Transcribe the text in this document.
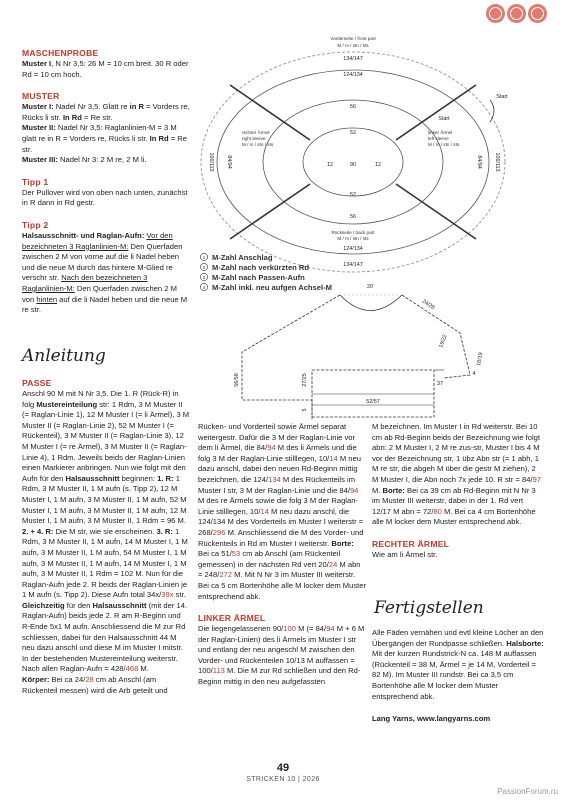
MASCHENPROBE

Muster I, N Nr 3,5: 26 M = 10 cm breit. 30 R oder Rd = 10 cm hoch.

MUSTER

Muster I: Nadel Nr 3,5. Glatt re in R = Vorders re, Rücks li str. In Rd = Re str.

Muster II: Nadel Nr 3,5: Raglanlinien-M = 3 M glatt re in R = Vorders re, Rücks li str. In Rd = Re str.

Muster III: Nadel Nr 3: 2 M re, 2 M li.

Tipp 1

Der Pullover wird von oben nach unten, zunächst in R dann in Rd gestr.

Tipp 2

Halsausschnitt- und Raglan-Aufn: Vor den bezeichneten 3 Raglanlinien-M: Den Querfaden zwischen 2 M von vorne auf die li Nadel heben und die neue M durch das hintere M-Glied re verschr str. Nach den bezeichneten 3 Raglanlinien-M: Den Querfaden zwischen 2 M von hinten auf die li Nadel heben und die neue M re str.

Anleitung

PASSE

Anschl 90 M mit N Nr 3,5. Die 1. R (Rück-R) in folg Mustereinteilung str: 1 Rdm, 3 M Muster II (= Raglan-Linie 1), 12 M Muster I (= li Ärmel), 3 M Muster II (= Raglan-Linie 2), 52 M Muster I (= Rückenteil), 3 M Muster II (= Raglan-Linie 3), 12 M Muster I (= re Ärmel), 3 M Muster II (= Raglan-Linie 4), 1 Rdm. Jeweils beids der Raglan-Linien einen Markierer anbringen. Nun wie folgt mit den Aufn für den Halsausschnitt beginnen: 1. R: 1 Rdm, 3 M Muster II, 1 M aufn (s. Tipp 2), 12 M Muster I, 1 M aufn, 3 M Muster II, 1 M aufn, 52 M Muster I, 1 M aufn, 3 M Muster II, 1 M aufn, 12 M Muster I, 1 M aufn, 3 M Muster II, 1 Rdm = 96 M. 2. + 4. R: Die M str, wie sie erscheinen. 3. R: 1 Rdm, 3 M Muster II, 1 M aufn, 14 M Muster I, 1 M aufn, 3 M Muster II, 1 M aufn, 54 M Muster I, 1 M aufn, 3 M Muster II, 1 M aufn, 14 M Muster I, 1 M aufn, 3 M Muster II, 1 Rdm = 102 M. Nun für die Raglan-Aufn jede 2. R beids der Raglan-Linien je 1 M aufn (s. Tipp 2). Diese Aufn total 34x/39x str. Gleichzeitig für den Halsausschnitt (mit der 14. Raglan-Aufn) beids jede 2. R am R-Beginn und R-Ende 5x1 M aufn. Anschliessend die M zur Rd schliessen, dabei für den Halsausschnitt 44 M neu dazu anschl und diese M im Muster I mitstr. In der bestehenden Mustereinteilung weiterstr. Nach allen Raglan-Aufn = 428/468 M.
Körper: Bei ca 24/28 cm ab Anschl (am Rückenteil messen) wird die Arb geteilt und

Rücken- und Vorderteil sowie Ärmel separat weitergestr. Dafür die 3 M der Raglan-Linie vor dem li Ärmel, die 84/94 M des li Ärmels und die folg 3 M der Raglan-Linie stilllegen, 10/14 M neu dazu anschl, dabei den neuen Rd-Beginn mittig bezeichnen, die 124/134 M des Rückenteils im Muster I str, 3 M der Raglan-Linie und die 84/94 M des re Ärmels sowie die folg 3 M der Raglan-Linie stilllegen, 10/14 M neu dazu anschl, die 124/134 M des Vorderteils im Muster I weiterstr = 268/296 M. Anschliessend die M des Vorder- und Rückenteils in Rd im Muster I weiterstr. Borte: Bei ca 51/53 cm ab Anschl (am Rückenteil gemessen) in der nächsten Rd vert 20/24 M abn = 248/272 M. Mit N Nr 3 im Muster III weiterstr. Bei ca 5 cm Bortenhöhe alle M locker dem Muster entsprechend abk.

LINKER ÄRMEL

Die liegengelassenen 90/100 M (= 84/94 M + 6 M der Raglan-Linien) des li Ärmels im Muster I str und entlang der neu angeschl M zwischen den Vorder- und Rückenteilen 10/13 M auffassen = 100/113 M. Die M zur Rd schließen und den Rd-Beginn mittig in den neu aufgefassten

M bezeichnen. Im Muster I in Rd weiterstr. Bei 10 cm ab Rd-Beginn beids der Bezeichnung wie folgt abn: 2 M Muster I, 2 M re zus-str, Muster I bis 4 M vor der Bezeichnung str, 1 übz Abn str (= 1 abh, 1 M re str, die abgeh M über die gestr M ziehen), 2 M Muster I, die Abn noch 7x jede 10. R str = 84/97 M. Borte: Bei ca 39 cm ab Rd-Beginn mit N Nr 3 im Muster III weiterstr, dabei in der 1. Rd vert 12/17 M abn = 72/80 M. Bei ca 4 cm Bortenhöhe alle M locker dem Muster entsprechend abk.

RECHTER ÄRMEL

Wie am li Ärmel str.

Fertigstellen

Alle Fäden vernähen und evtl kleine Löcher an den Übergängen der Rundpasse schließen. Halsborte: Mit der kurzen Rundstrick-N ca. 148 M auffassen (Rückenteil = 38 M, Ärmel = je 14 M, Vorderteil = 82 M). Im Muster III rundstr. Bei ca 3,5 cm Bortenhöhe alle M locker dem Muster entsprechend abk.

Lang Yarns, www.langyarns.com

Vorderseite / front part
M / m / stn / sts
134/147
124/134
56
52
90
12	12
Start
Start
rechter Ärmel
right sleeve
M / m / stn / sts
linker Ärmel
left sleeve
M / m / stn / sts
100/113 84/94	84/94 100/113
52
56
Rückseite / back part
M / m / stn / sts
124/134
134/147
1 M-Zahl Anschlag
2 M-Zahl nach verkürzten Rd
3 M-Zahl nach Passen-Aufn
4 M-Zahl inkl. neu aufgen Achsel-M	20
24/28
19/22
16/19
56/58	27/25
5
52/57
37
4
49
STRICKEN 10 | 2026
PassionForum.ru
